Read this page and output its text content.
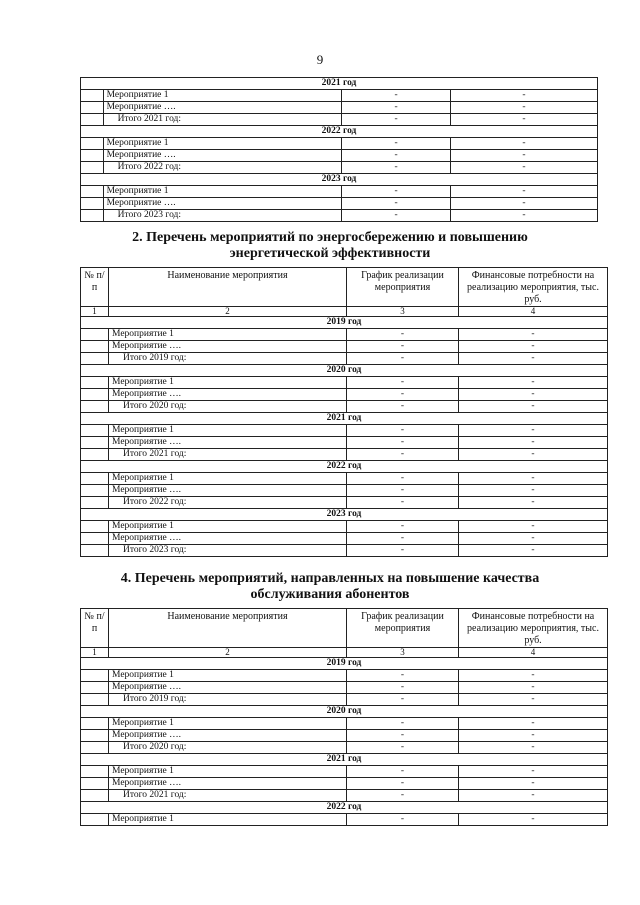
9

2021 год			
	Мероприятие 1	-	-
	Мероприятие ….	-	-
	Итого 2021 год:	-	-
2022 год			
	Мероприятие 1	-	-
	Мероприятие ….	-	-
	Итого 2022 год:	-	-
2023 год			
	Мероприятие 1	-	-
	Мероприятие ….	-	-
	Итого 2023 год:	-	-
2. Перечень мероприятий по энергосбережению и повышению
энергетической эффективности
№ п/п	Наименование мероприятия	График реализации мероприятия	Финансовые потребности на реализацию мероприятия, тыс. руб.
1	2	3	4
2019 год			
	Мероприятие 1	-	-
	Мероприятие ….	-	-
	Итого 2019 год:	-	-
2020 год			
	Мероприятие 1	-	-
	Мероприятие ….	-	-
	Итого 2020 год:	-	-
2021 год			
	Мероприятие 1	-	-
	Мероприятие ….	-	-
	Итого 2021 год:	-	-
2022 год			
	Мероприятие 1	-	-
	Мероприятие ….	-	-
	Итого 2022 год:	-	-
2023 год			
	Мероприятие 1	-	-
	Мероприятие ….	-	-
	Итого 2023 год:	-	-
4. Перечень мероприятий, направленных на повышение качества
обслуживания абонентов
№ п/п	Наименование мероприятия	График реализации мероприятия	Финансовые потребности на реализацию мероприятия, тыс. руб.
1	2	3	4
2019 год			
	Мероприятие 1	-	-
	Мероприятие ….	-	-
	Итого 2019 год:	-	-
2020 год			
	Мероприятие 1	-	-
	Мероприятие ….	-	-
	Итого 2020 год:	-	-
2021 год			
	Мероприятие 1	-	-
	Мероприятие ….	-	-
	Итого 2021 год:	-	-
2022 год			
	Мероприятие 1	-	-
